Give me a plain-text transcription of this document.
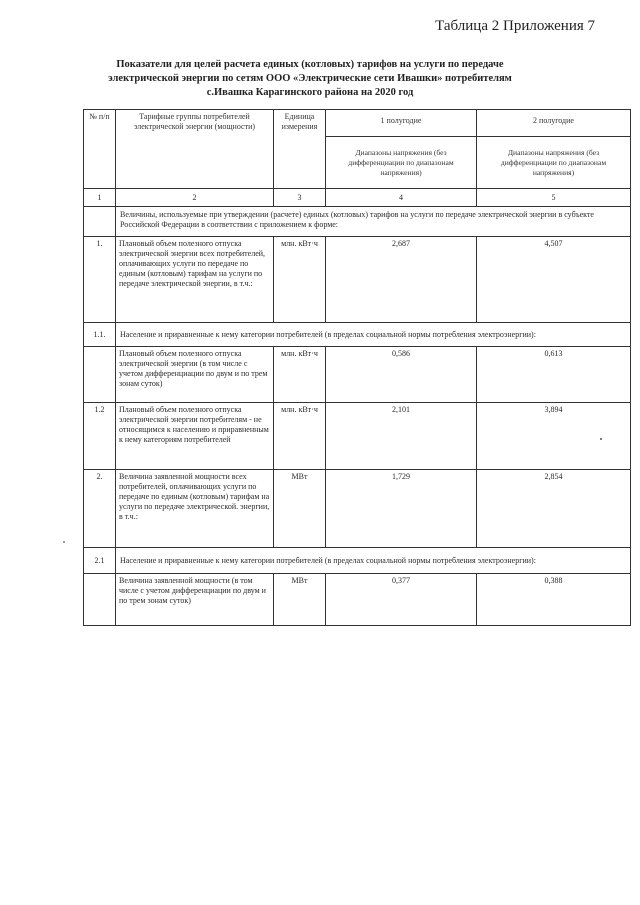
Таблица 2 Приложения 7
Показатели для целей расчета единых (котловых) тарифов на услуги по передаче
электрической энергии по сетям ООО «Электрические сети Ивашки» потребителям
с.Ивашка Карагинского района на 2020 год
№ п/п	Тарифные группы потребителей электрической энергии (мощности)	Единица измерения	1 полугодие	2 полугодие
			Диапазоны напряжения (без дифференциации по диапазонам напряжения)	Диапазоны напряжения (без дифференциации по диапазонам напряжения)
1	2	3	4	5
	Величины, используемые при утверждении (расчете) единых (котловых) тарифов на услуги по передаче электрической энергии в субъекте Российской Федерации в соответствии с приложением к форме:			
1.	Плановый объем полезного отпуска электрической энергии всех потребителей, оплачивающих услуги по передаче по единым (котловым) тарифам на услуги по передаче электрической энергии, в т.ч.:	млн. кВт·ч	2,687	4,507
1.1.	Население и приравненные к нему категории потребителей (в пределах социальной нормы потребления электроэнергии):			
	Плановый объем полезного отпуска электрической энергии (в том числе с учетом дифференциации по двум и по трем зонам суток)	млн. кВт·ч	0,586	0,613
1.2	Плановый объем полезного отпуска электрической энергии потребителям - не относящимся к населению и приравненным к нему категориям потребителей	млн. кВт·ч	2,101	3,894
2.	Величина заявленной мощности всех потребителей, оплачивающих услуги по передаче по единым (котловым) тарифам на услуги по передаче электрической. энергии, в т.ч.:	МВт	1,729	2,854
2.1	Население и приравненные к нему категории потребителей (в пределах социальной нормы потребления электроэнергии):			
	Величина заявленной мощности (в том числе с учетом дифференциации по двум и по трем зонам суток)	МВт	0,377	0,388
